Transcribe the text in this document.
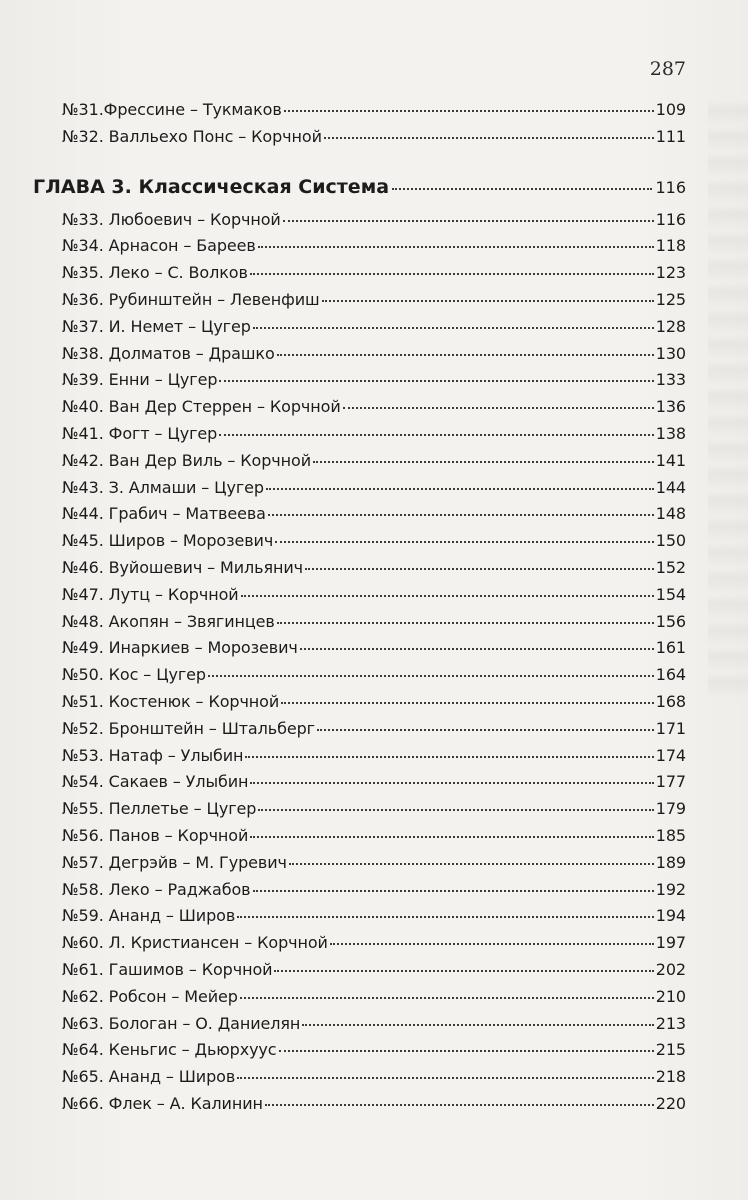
287
№31.Фрессине – Тукмаков	109
№32. Валльехо Понс – Корчной	111
ГЛАВА 3. Классическая Система	116
№33. Любоевич – Корчной	116
№34. Арнасон – Бареев	118
№35. Леко – С. Волков	123
№36. Рубинштейн – Левенфиш	125
№37. И. Немет – Цугер	128
№38. Долматов – Драшко	130
№39. Енни – Цугер	133
№40. Ван Дер Стеррен – Корчной	136
№41. Фогт – Цугер	138
№42. Ван Дер Виль – Корчной	141
№43. З. Алмаши – Цугер	144
№44. Грабич – Матвеева	148
№45. Широв – Морозевич	150
№46. Вуйошевич – Мильянич	152
№47. Лутц – Корчной	154
№48. Акопян – Звягинцев	156
№49. Инаркиев – Морозевич	161
№50. Кос – Цугер	164
№51. Костенюк – Корчной	168
№52. Бронштейн – Штальберг	171
№53. Натаф – Улыбин	174
№54. Сакаев – Улыбин	177
№55. Пеллетье – Цугер	179
№56. Панов – Корчной	185
№57. Дегрэйв – М. Гуревич	189
№58. Леко – Раджабов	192
№59. Ананд – Широв	194
№60. Л. Кристиансен – Корчной	197
№61. Гашимов – Корчной	202
№62. Робсон – Мейер	210
№63. Бологан – О. Даниелян	213
№64. Кеньгис – Дьюрхуус	215
№65. Ананд – Широв	218
№66. Флек – А. Калинин	220
